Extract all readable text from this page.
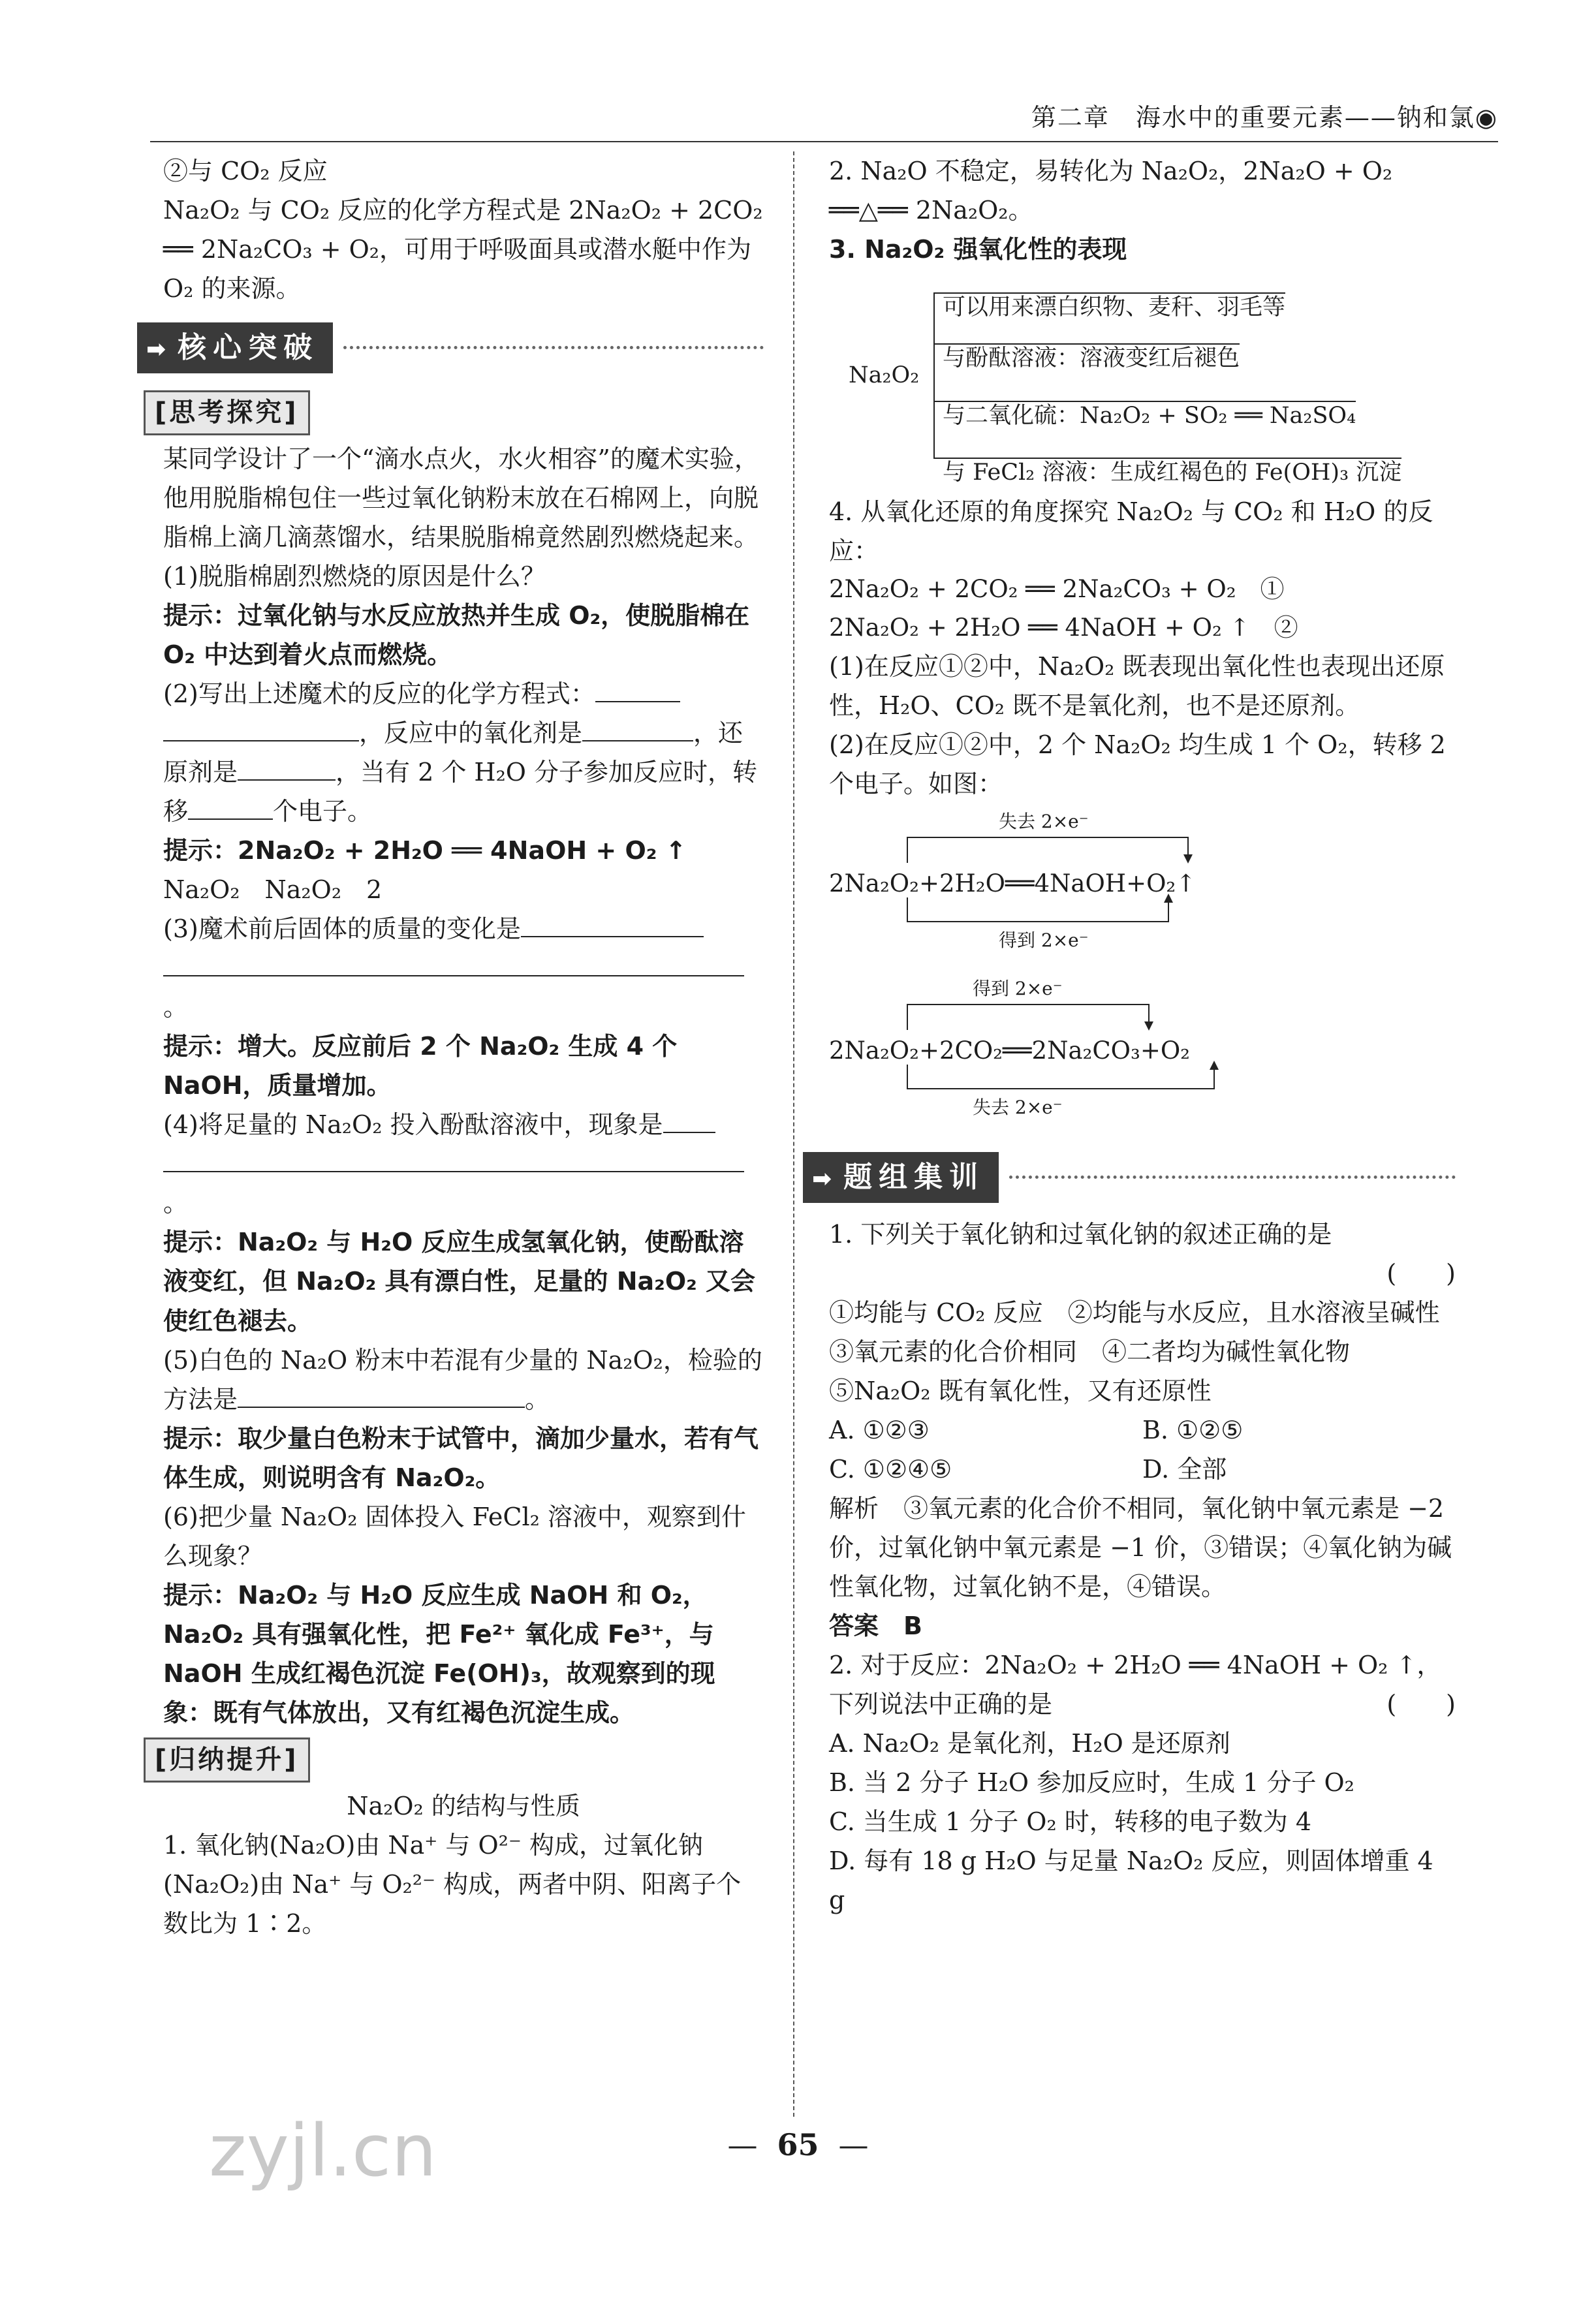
第二章　海水中的重要元素——钠和氯◉

②与 CO₂ 反应

Na₂O₂ 与 CO₂ 反应的化学方程式是 2Na₂O₂ + 2CO₂ ══ 2Na₂CO₃ + O₂，可用于呼吸面具或潜水艇中作为 O₂ 的来源。

➡ 核心突破
[思考探究]

某同学设计了一个“滴水点火，水火相容”的魔术实验，他用脱脂棉包住一些过氧化钠粉末放在石棉网上，向脱脂棉上滴几滴蒸馏水，结果脱脂棉竟然剧烈燃烧起来。

(1)脱脂棉剧烈燃烧的原因是什么？

提示：过氧化钠与水反应放热并生成 O₂，使脱脂棉在 O₂ 中达到着火点而燃烧。

(2)写出上述魔术的反应的化学方程式： ，反应中的氧化剂是	，还原剂是	，当有 2 个 H₂O 分子参加反应时，转移	个电子。

提示：2Na₂O₂ + 2H₂O ══ 4NaOH + O₂ ↑

Na₂O₂　Na₂O₂　2

(3)魔术前后固体的质量的变化是

。

提示：增大。反应前后 2 个 Na₂O₂ 生成 4 个 NaOH，质量增加。

(4)将足量的 Na₂O₂ 投入酚酞溶液中，现象是

。

提示：Na₂O₂ 与 H₂O 反应生成氢氧化钠，使酚酞溶液变红，但 Na₂O₂ 具有漂白性，足量的 Na₂O₂ 又会使红色褪去。

(5)白色的 Na₂O 粉末中若混有少量的 Na₂O₂，检验的方法是	。

提示：取少量白色粉末于试管中，滴加少量水，若有气体生成，则说明含有 Na₂O₂。

(6)把少量 Na₂O₂ 固体投入 FeCl₂ 溶液中，观察到什么现象？

提示：Na₂O₂ 与 H₂O 反应生成 NaOH 和 O₂，Na₂O₂ 具有强氧化性，把 Fe²⁺ 氧化成 Fe³⁺，与 NaOH 生成红褐色沉淀 Fe(OH)₃，故观察到的现象：既有气体放出，又有红褐色沉淀生成。

[归纳提升]

Na₂O₂ 的结构与性质

1. 氧化钠(Na₂O)由 Na⁺ 与 O²⁻ 构成，过氧化钠(Na₂O₂)由 Na⁺ 与 O₂²⁻ 构成，两者中阴、阳离子个数比为 1∶2。

2. Na₂O 不稳定，易转化为 Na₂O₂，2Na₂O + O₂ ══△══ 2Na₂O₂。

3. Na₂O₂ 强氧化性的表现

Na₂O₂
可以用来漂白织物、麦秆、羽毛等
与酚酞溶液：溶液变红后褪色
与二氧化硫：Na₂O₂ + SO₂ ══ Na₂SO₄
与 FeCl₂ 溶液：生成红褐色的 Fe(OH)₃ 沉淀

4. 从氧化还原的角度探究 Na₂O₂ 与 CO₂ 和 H₂O 的反应：

2Na₂O₂ + 2CO₂ ══ 2Na₂CO₃ + O₂　①

2Na₂O₂ + 2H₂O ══ 4NaOH + O₂ ↑　②

(1)在反应①②中，Na₂O₂ 既表现出氧化性也表现出还原性，H₂O、CO₂ 既不是氧化剂，也不是还原剂。

(2)在反应①②中，2 个 Na₂O₂ 均生成 1 个 O₂，转移 2 个电子。如图：

失去 2×e⁻
2Na₂O₂+2H₂O══4NaOH+O₂↑
得到 2×e⁻
得到 2×e⁻
2Na₂O₂+2CO₂══2Na₂CO₃+O₂
失去 2×e⁻
➡ 题组集训

1. 下列关于氧化钠和过氧化钠的叙述正确的是

(　　)

①均能与 CO₂ 反应　②均能与水反应，且水溶液呈碱性　③氧元素的化合价相同　④二者均为碱性氧化物　⑤Na₂O₂ 既有氧化性，又有还原性

A. ①②③	B. ①②⑤
C. ①②④⑤	D. 全部

解析　③氧元素的化合价不相同，氧化钠中氧元素是 −2 价，过氧化钠中氧元素是 −1 价，③错误；④氧化钠为碱性氧化物，过氧化钠不是，④错误。

答案　B

2. 对于反应：2Na₂O₂ + 2H₂O ══ 4NaOH + O₂ ↑，下列说法中正确的是	(　　)

A. Na₂O₂ 是氧化剂，H₂O 是还原剂

B. 当 2 分子 H₂O 参加反应时，生成 1 分子 O₂

C. 当生成 1 分子 O₂ 时，转移的电子数为 4

D. 每有 18 g H₂O 与足量 Na₂O₂ 反应，则固体增重 4 g

— 65 —
zyjl.cn
